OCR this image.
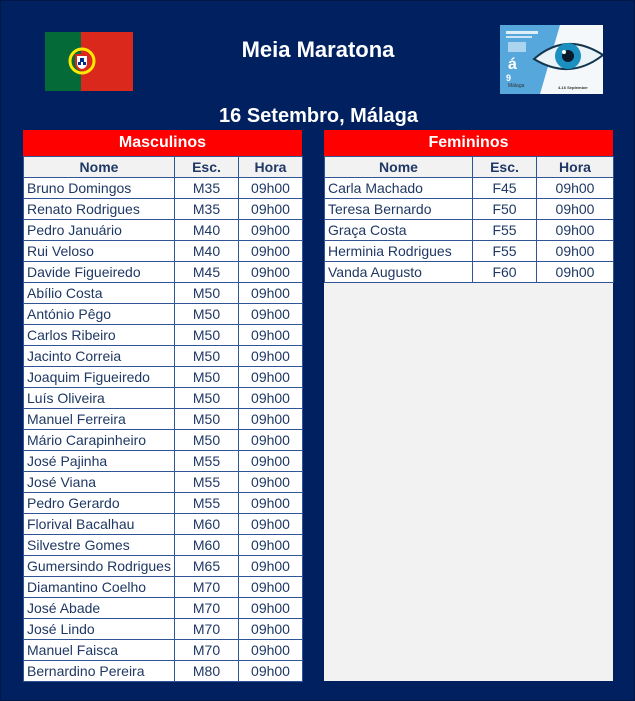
Meia Maratona
á
9
Málaga	4-16 September
16 Setembro, Málaga
Masculinos
Nome	Esc.	Hora
Bruno Domingos	M35	09h00
Renato Rodrigues	M35	09h00
Pedro Januário	M40	09h00
Rui Veloso	M40	09h00
Davide Figueiredo	M45	09h00
Abílio Costa	M50	09h00
António Pêgo	M50	09h00
Carlos Ribeiro	M50	09h00
Jacinto Correia	M50	09h00
Joaquim Figueiredo	M50	09h00
Luís Oliveira	M50	09h00
Manuel Ferreira	M50	09h00
Mário Carapinheiro	M50	09h00
José Pajinha	M55	09h00
José Viana	M55	09h00
Pedro Gerardo	M55	09h00
Florival Bacalhau	M60	09h00
Silvestre Gomes	M60	09h00
Gumersindo Rodrigues	M65	09h00
Diamantino Coelho	M70	09h00
José Abade	M70	09h00
José Lindo	M70	09h00
Manuel Faisca	M70	09h00
Bernardino Pereira	M80	09h00
Femininos
Nome	Esc.	Hora
Carla Machado	F45	09h00
Teresa Bernardo	F50	09h00
Graça Costa	F55	09h00
Herminia Rodrigues	F55	09h00
Vanda Augusto	F60	09h00
